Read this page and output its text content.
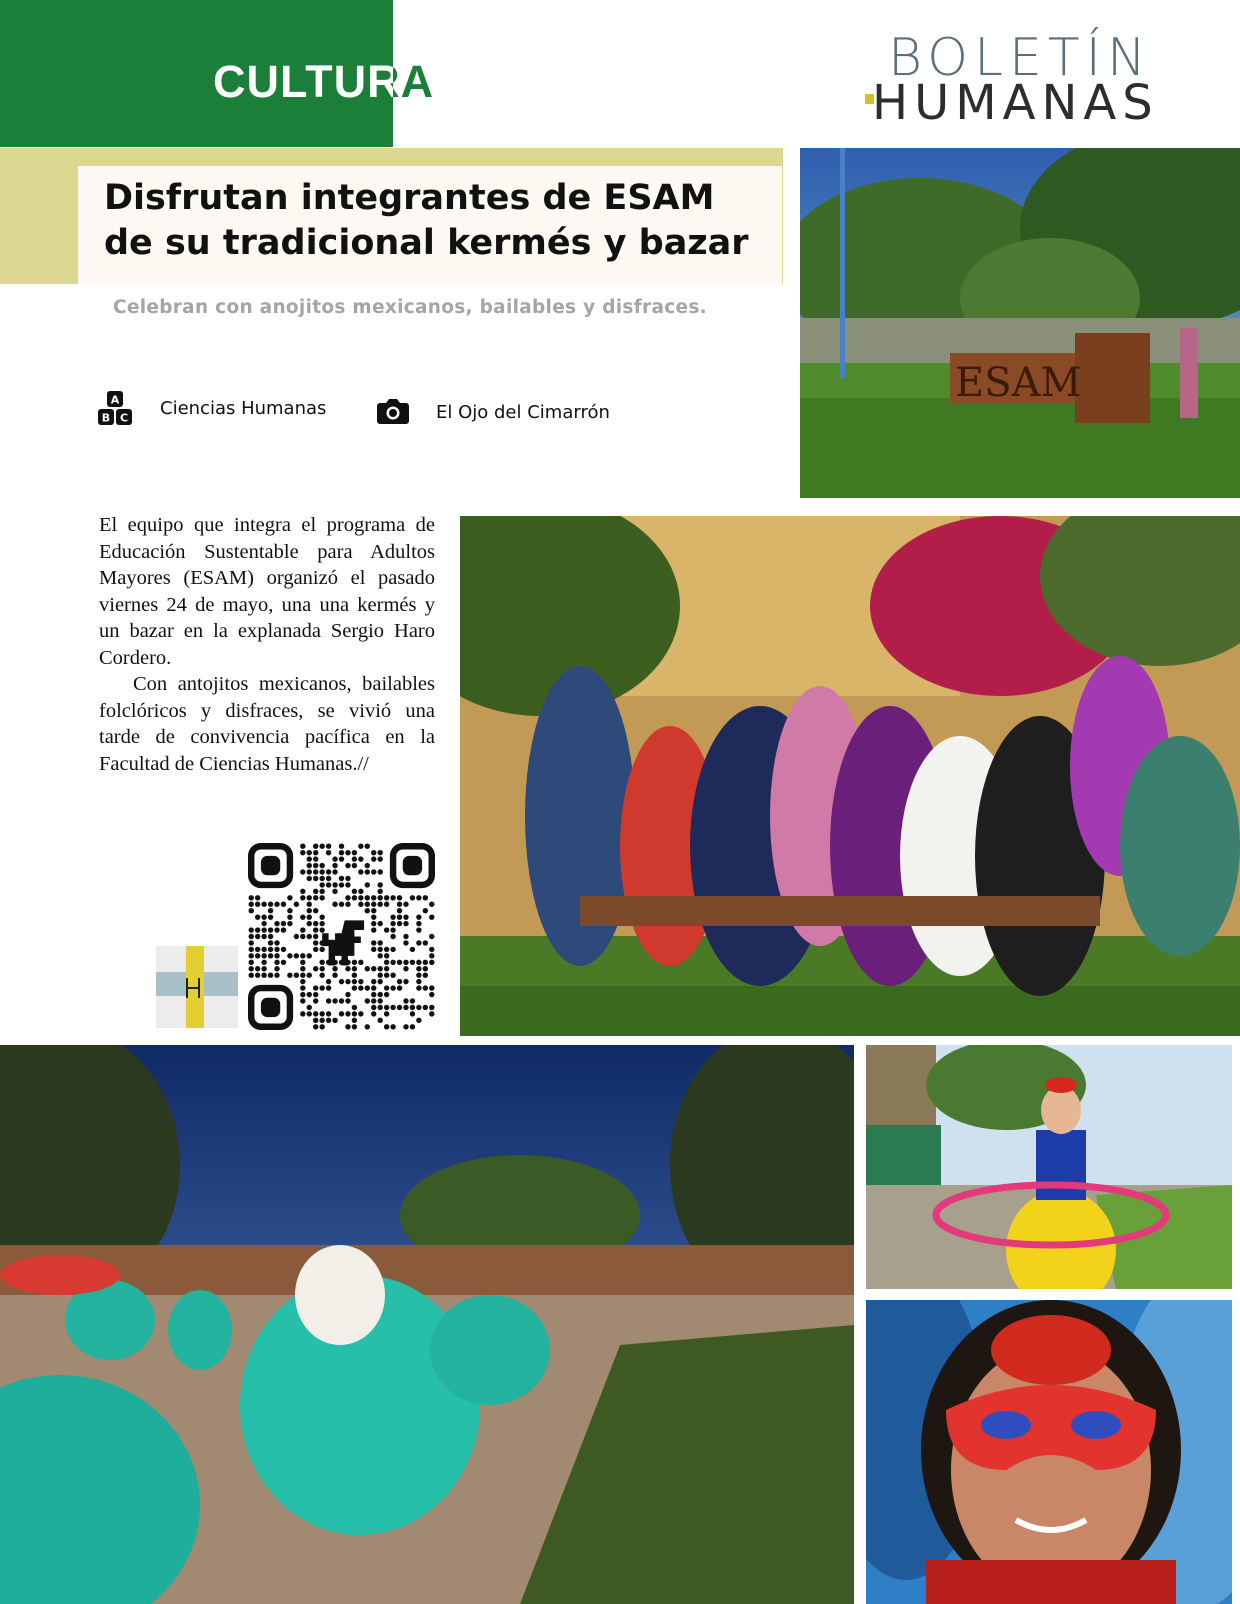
CULTURA	BOLETÍN
HUMANAS
Disfrutan integrantes de ESAM
de su tradicional kermés y bazar
Celebran con anojitos mexicanos, bailables y disfraces.
A
B C Ciencias Humanas	El Ojo del Cimarrón

El equipo que integra el programa de Educación Sustentable para Adultos Mayores (ESAM) organizó el pasado viernes 24 de mayo, una una kermés y un bazar en la explanada Sergio Haro Cordero.

Con antojitos mexicanos, bailables folclóricos y disfraces, se vivió una tarde de convivencia pacífica en la Facultad de Ciencias Humanas.//

ESAM
